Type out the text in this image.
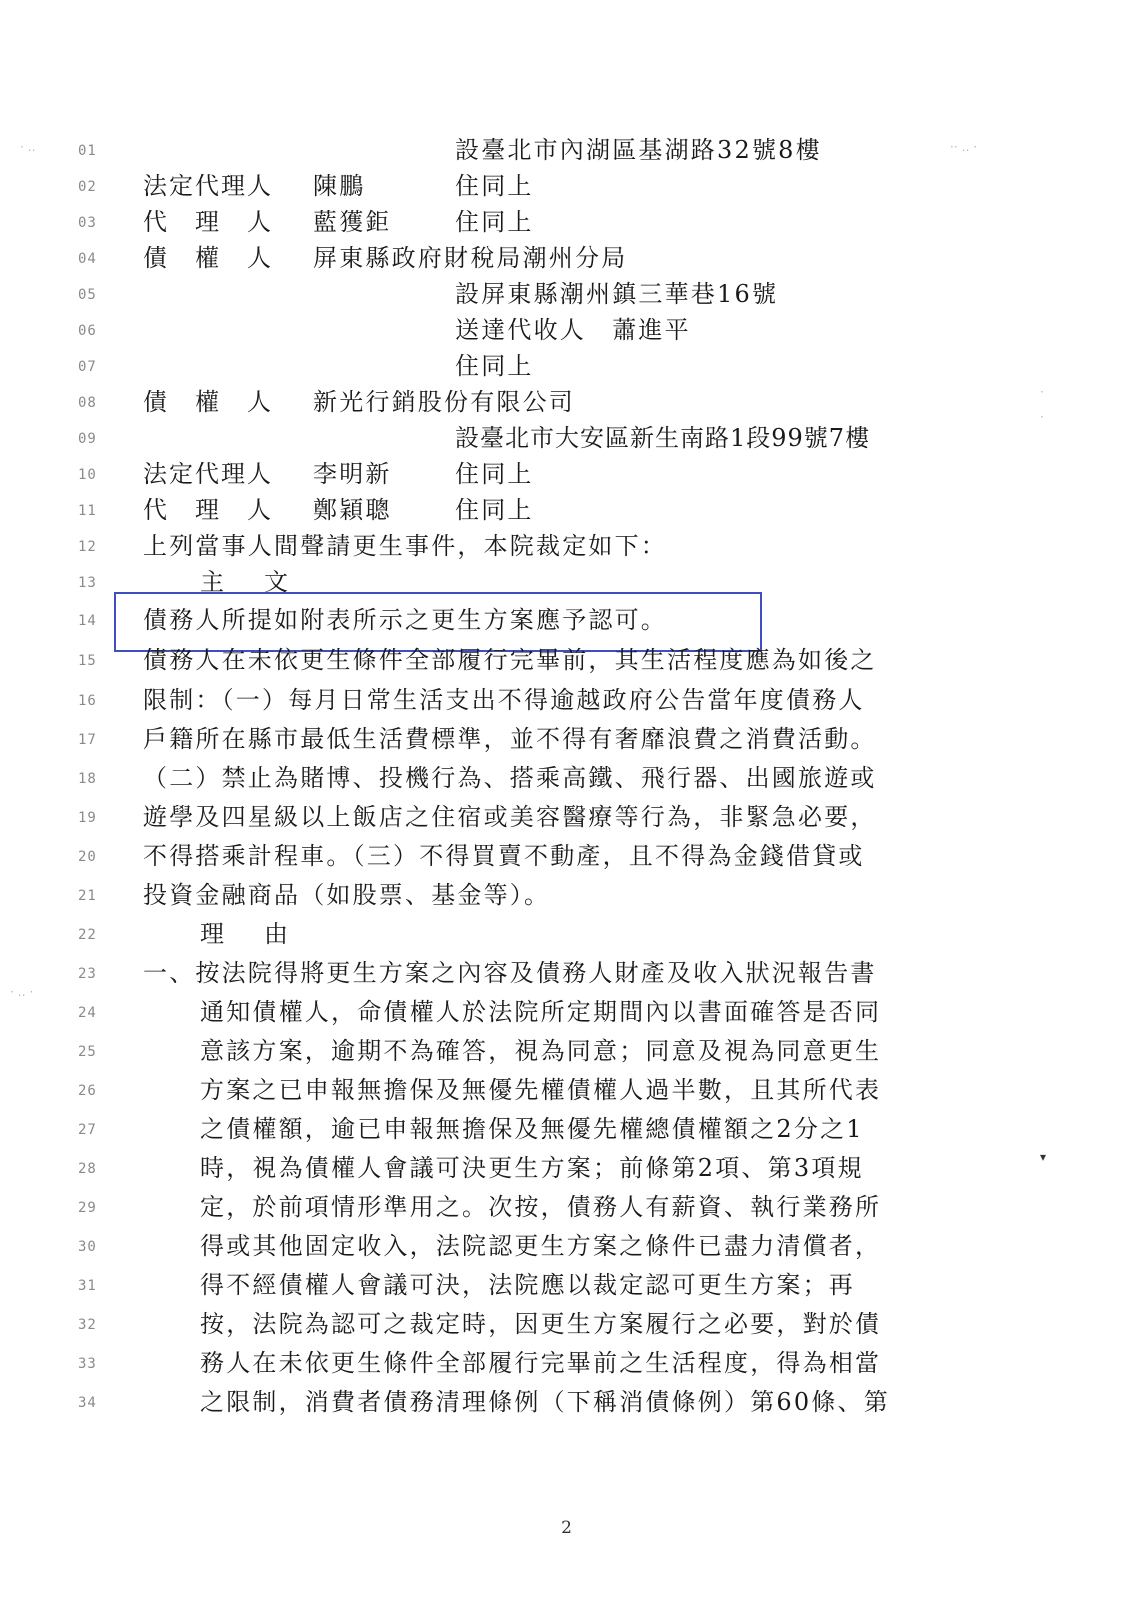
01	設臺北市內湖區基湖路32號8樓
02	法定代理人 陳鵬	住同上
03	代　理　人 藍獲鉅	住同上
04	債　權　人 屏東縣政府財稅局潮州分局
05	設屏東縣潮州鎮三華巷16號
06	送達代收人　蕭進平
07	住同上
08	債　權　人 新光行銷股份有限公司
09	設臺北市大安區新生南路1段99號7樓
10	法定代理人 李明新	住同上
11	代　理　人 鄭穎聰	住同上
12	上列當事人間聲請更生事件，本院裁定如下：
13	主　文
14	債務人所提如附表所示之更生方案應予認可。
15	債務人在未依更生條件全部履行完畢前，其生活程度應為如後之
16	限制：（一）每月日常生活支出不得逾越政府公告當年度債務人
17	戶籍所在縣市最低生活費標準，並不得有奢靡浪費之消費活動。
18	（二）禁止為賭博、投機行為、搭乘高鐵、飛行器、出國旅遊或
19	遊學及四星級以上飯店之住宿或美容醫療等行為，非緊急必要，
20	不得搭乘計程車。（三）不得買賣不動產，且不得為金錢借貸或
21	投資金融商品（如股票、基金等）。
22	理　由
23	一、按法院得將更生方案之內容及債務人財產及收入狀況報告書
24	通知債權人，命債權人於法院所定期間內以書面確答是否同
25	意該方案，逾期不為確答，視為同意；同意及視為同意更生
26	方案之已申報無擔保及無優先權債權人過半數，且其所代表
27	之債權額，逾已申報無擔保及無優先權總債權額之2分之1
28	時，視為債權人會議可決更生方案；前條第2項、第3項規
29	定，於前項情形準用之。次按，債務人有薪資、執行業務所
30	得或其他固定收入，法院認更生方案之條件已盡力清償者，
31	得不經債權人會議可決，法院應以裁定認可更生方案；再
32	按，法院為認可之裁定時，因更生方案履行之必要，對於債
33	務人在未依更生條件全部履行完畢前之生活程度，得為相當
34	之限制，消費者債務清理條例（下稱消債條例）第60條、第
2
· ‥	·· ‥ ·
·
·
▾
· ‥ ·
